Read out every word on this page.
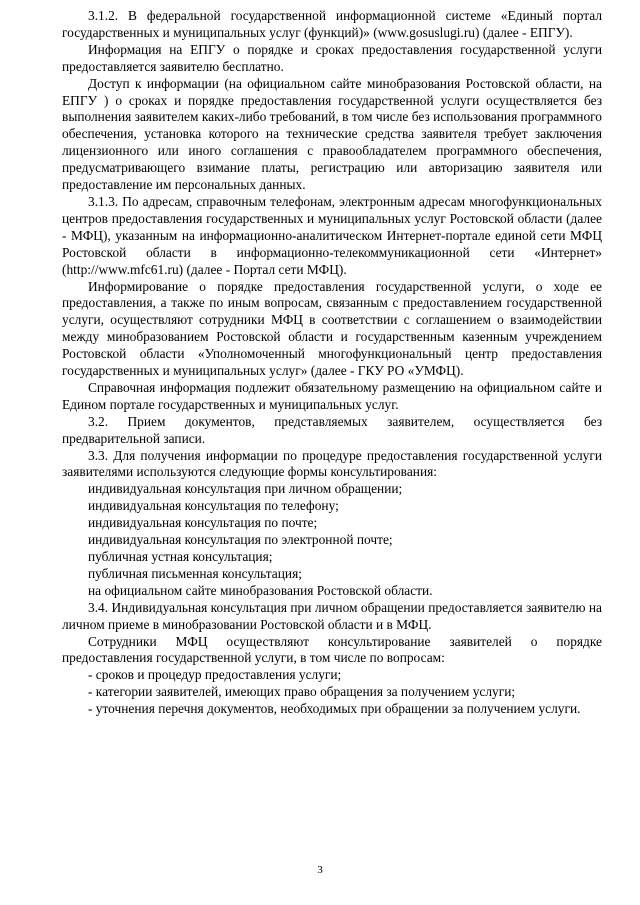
3.1.2. В федеральной государственной информационной системе «Единый портал государственных и муниципальных услуг (функций)» (www.gosuslugi.ru) (далее - ЕПГУ).

Информация на ЕПГУ о порядке и сроках предоставления государственной услуги предоставляется заявителю бесплатно.

Доступ к информации (на официальном сайте минобразования Ростовской области, на ЕПГУ ) о сроках и порядке предоставления государственной услуги осуществляется без выполнения заявителем каких-либо требований, в том числе без использования программного обеспечения, установка которого на технические средства заявителя требует заключения лицензионного или иного соглашения с правообладателем программного обеспечения, предусматривающего взимание платы, регистрацию или авторизацию заявителя или предоставление им персональных данных.

3.1.3. По адресам, справочным телефонам, электронным адресам многофункциональных центров предоставления государственных и муниципальных услуг Ростовской области (далее - МФЦ), указанным на информационно-аналитическом Интернет-портале единой сети МФЦ Ростовской области в информационно-телекоммуникационной сети «Интернет» (http://www.mfc61.ru) (далее - Портал сети МФЦ).

Информирование о порядке предоставления государственной услуги, о ходе ее предоставления, а также по иным вопросам, связанным с предоставлением государственной услуги, осуществляют сотрудники МФЦ в соответствии с соглашением о взаимодействии между минобразованием Ростовской области и государственным казенным учреждением Ростовской области «Уполномоченный многофункциональный центр предоставления государственных и муниципальных услуг» (далее - ГКУ РО «УМФЦ).

Справочная информация подлежит обязательному размещению на официальном сайте и Едином портале государственных и муниципальных услуг.

3.2. Прием документов, представляемых заявителем, осуществляется без предварительной записи.

3.3. Для получения информации по процедуре предоставления государственной услуги заявителями используются следующие формы консультирования:

индивидуальная консультация при личном обращении;

индивидуальная консультация по телефону;

индивидуальная консультация по почте;

индивидуальная консультация по электронной почте;

публичная устная консультация;

публичная письменная консультация;

на официальном сайте минобразования Ростовской области.

3.4. Индивидуальная консультация при личном обращении предоставляется заявителю на личном приеме в минобразовании Ростовской области и в МФЦ.

Сотрудники МФЦ осуществляют консультирование заявителей о порядке предоставления государственной услуги, в том числе по вопросам:

- сроков и процедур предоставления услуги;

- категории заявителей, имеющих право обращения за получением услуги;

- уточнения перечня документов, необходимых при обращении за получением услуги.

3
